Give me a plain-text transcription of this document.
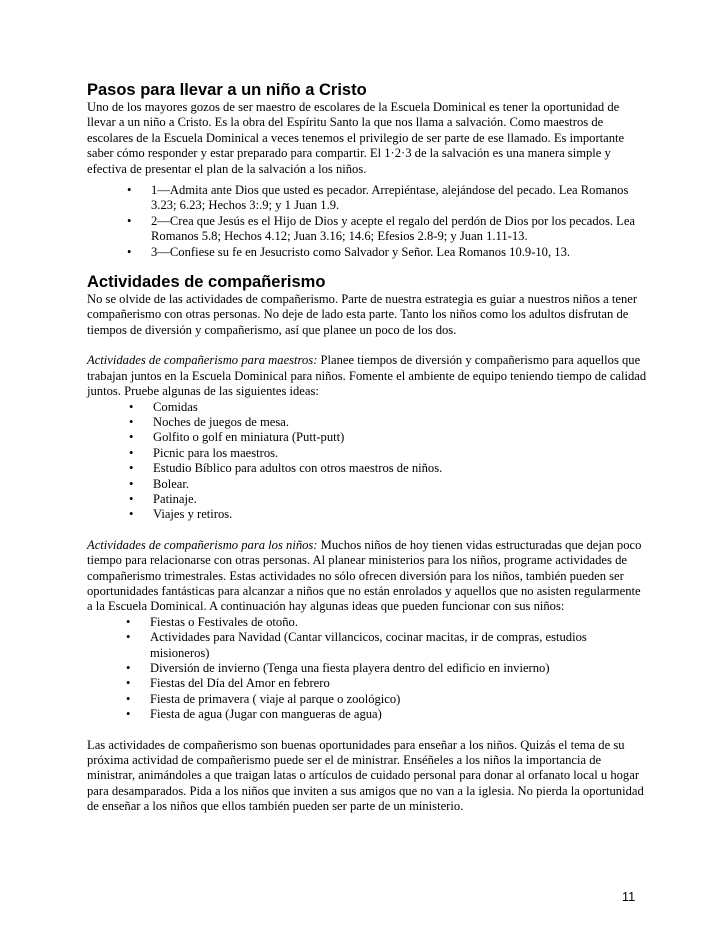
Pasos para llevar a un niño a Cristo

Uno de los mayores gozos de ser maestro de escolares de la Escuela Dominical es tener la oportunidad de llevar a un niño a Cristo. Es la obra del Espíritu Santo la que nos llama a salvación. Como maestros de escolares de la Escuela Dominical a veces tenemos el privilegio de ser parte de ese llamado. Es importante saber cómo responder y estar preparado para compartir. El 1·2·3 de la salvación es una manera simple y efectiva de presentar el plan de la salvación a los niños.

• 1—Admita ante Dios que usted es pecador. Arrepiéntase, alejándose del pecado. Lea Romanos 3.23; 6.23; Hechos 3:.9; y 1 Juan 1.9.
• 2—Crea que Jesús es el Hijo de Dios y acepte el regalo del perdón de Dios por los pecados. Lea Romanos 5.8; Hechos 4.12; Juan 3.16; 14.6; Efesios 2.8-9; y Juan 1.11-13.
• 3—Confiese su fe en Jesucristo como Salvador y Señor. Lea Romanos 10.9-10, 13.
Actividades de compañerismo

No se olvide de las actividades de compañerismo. Parte de nuestra estrategia es guiar a nuestros niños a tener compañerismo con otras personas. No deje de lado esta parte. Tanto los niños como los adultos disfrutan de tiempos de diversión y compañerismo, así que planee un poco de los dos.

Actividades de compañerismo para maestros: Planee tiempos de diversión y compañerismo para aquellos que trabajan juntos en la Escuela Dominical para niños. Fomente el ambiente de equipo teniendo tiempo de calidad juntos. Pruebe algunas de las siguientes ideas:

• Comidas
• Noches de juegos de mesa.
• Golfito o golf en miniatura (Putt-putt)
• Picnic para los maestros.
• Estudio Bíblico para adultos con otros maestros de niños.
• Bolear.
• Patinaje.
• Viajes y retiros.

Actividades de compañerismo para los niños: Muchos niños de hoy tienen vidas estructuradas que dejan poco tiempo para relacionarse con otras personas. Al planear ministerios para los niños, programe actividades de compañerismo trimestrales. Estas actividades no sólo ofrecen diversión para los niños, también pueden ser oportunidades fantásticas para alcanzar a niños que no están enrolados y aquellos que no asisten regularmente a la Escuela Dominical. A continuación hay algunas ideas que pueden funcionar con sus niños:

• Fiestas o Festivales de otoño.
• Actividades para Navidad (Cantar villancicos, cocinar macitas, ir de compras, estudios misioneros)
• Diversión de invierno (Tenga una fiesta playera dentro del edificio en invierno)
• Fiestas del Día del Amor en febrero
• Fiesta de primavera ( viaje al parque o zoológico)
• Fiesta de agua (Jugar con mangueras de agua)

Las actividades de compañerismo son buenas oportunidades para enseñar a los niños. Quizás el tema de su próxima actividad de compañerismo puede ser el de ministrar. Enséñeles a los niños la importancia de ministrar, animándoles a que traigan latas o artículos de cuidado personal para donar al orfanato local u hogar para desamparados. Pida a los niños que inviten a sus amigos que no van a la iglesia. No pierda la oportunidad de enseñar a los niños que ellos también pueden ser parte de un ministerio.

11
